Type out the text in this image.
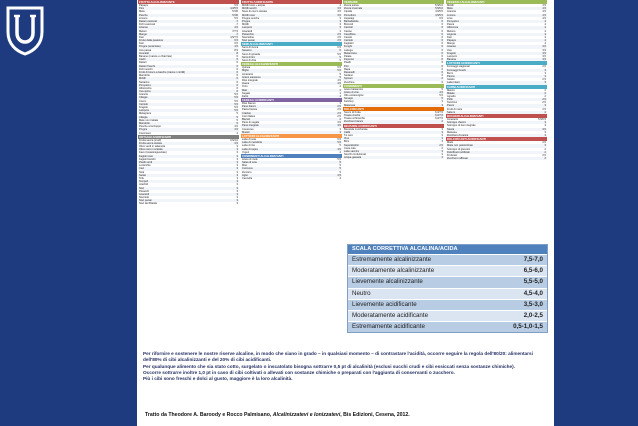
FRUTTA ALCALINIZZANTE
Papaya	5,5
Pera	4,0/5,5
Mela	5,5/6
Pesche	5,5/6
Limone	5,5
Datteri essiccati	-7
Fichi essiccati	-7
Ananas	4,5
Meloni	7/7,5
Mango	-7
Kiwi	4,5/7,5
Frutto della passione	6,5
Kiwi	6,5
Prugne (essiccate)	4,5
Uva passa	8,5
Avocado	8
Banane (mature e chiazzate)	6
Cachi	6
Datteri	6
Datteri freschi	6
Fichi secchi	6
Frutti di bosco a bacche (tranne i mirtilli)	6
Mandorle	6
Mirtilli	6
Nettarine	6
Pompelmo	6
Albicocche	6
Uva spina	6
Arancia	5,5
Ciliegie	5,5
Cocco	5,5
Cetriolo	5,5
Fragole	5,5
Lamponi	5,5
Melagrana	5
Ciliegie	5
Mele non trattate	5
Mandorle	5
Pesche al sciroppo	4,5
Prugne	4,5
Cocomero	4
ORTAGGI ACIDIFICANTI
Frutta secca (crudi)	3,5/4,0
Frutta secca tostata	3,5
Olive verdi in salamoia	3
Olive nere in scatola	3
Fave (tostate/sgusciate)	3
Fagioli rossi	3
Fagioli bianchi	3
Piselli verdi	3
Lenticchie	3
Ceci	3
Soia	3
Seitan	3
Tofu	3
Tempeh	3
Arachidi	3
Noci	3
Pistacchi	3
Anacardi	3
Nocciole	3
Noci pecan	3
Noci del Brasile	3
FRUTTA ACIDIFICANTE
Mirtilli rossi + acqua	4
Mirtilli secchi	3,5
Noce di cocco tostata	3,5
Mirtilli rossi	3,5
Prugne secche	3
Prugne	3
Mirtilli	3
Lamponi	3
Anacardi	3
Pistacchio	2,5
Noccioline	2,5
Noci pecan	2,5
SEMI ALCALINIZZANTI
Semi di zucca	6,5
Sesamo	6
Semi di girasole	5,5
Semi di lino	5
Semi di chia	5
CEREALI ALCALINIZZANTI
Quinoa	5,5
Miglio	5,5
Amaranto	5
Grano saraceno	5
Riso integrale	4,5
Avena	4,5
Orzo	4
Mais	4
Segale	4
Farro	4
CEREALI ACIDIFICANTI
Riso bianco	3
Pane bianco	2,5
Pasta bianca	2,5
Cracker	2,5
Corn flakes	2,5
Biscotti	2
Pane di segale	3,5
Pane integrale	3,5
Couscous	3
Muesli	3
LATTICINI ALCALINIZZANTI
Latte di soia	5,5
Latte di mandorle	5,5
Latte di riso	5
Latte di capra	4,5
Yogurt	4
CONDIMENTI ALCALINIZZANTI
Aceto di mele	5,5
Salsa di soia	5
Miso	5
Curcuma	5
Zenzero	5
Aglio	4,5
Cannella	4
VERDURE
Zucca estiva	5,5/6,0
Zucca invernale	5,5/6,0
Cipolla	4,5/5,5
Pomodoro	4,5/5,5
Asparagi	6,5
Barbabietole	6
Broccoli	6
Carciofi	6
Carote	6
Cavolfiore	6
Cavolo	6
Cetriolo	6
Fagiolini	6
Funghi	6
Lattuga	6
Melanzana	6
Patate	6
Peperoni	6
Piselli	6
Porri	6
Rapa	6
Ravanelli	6
Sedano	6
Spinaci	6
Zucchine	6
CONDIMENTI
Aceto balsamico	5
Aceto di vino	4,5
Olio extravergine	5,5
Senape	5
Ketchup	3
Maionese	3
DOLCIFICANTI
Succo di frutta	6,0/7,5
Tisane di erbe	6,0/7,5
Tisane al finocchio	6,0/7,5
Zucchero bianco	2
BEVANDE ACIDIFICANTI
Bevande zuccherate	3
Caffè	3
Tè nero	3
Vino	3
Birra	3
Superalcolici	2,5
Coca cola	2
Latte vaccino	3
Succhi confezionati	3
Acqua gassata	4
VEGETALI ALCALINIZZANTI
Mirtilli	4,5
Mela	4,5
Arancia	4,5
Limone	4,5
Lime	4,5
Pompelmo	4
Pesca	4
Albicocca	4
Melone	4
Anguria	4
Kiwi	4
Papaya	4
Mango	4
Ananas	3,5
Uva	3,5
Fragole	3,5
Lamponi	3,5
Banana	3,5
LATTICINI ACIDIFICANTI
Formaggi stagionati	2,5
Formaggi freschi	3
Burro	3
Panna	3
Gelato	2,5
Latte intero	3
CARNI ACIDIFICANTI
Manzo	2
Maiale	2
Agnello	2
Pollo	2,5
Tacchino	2,5
Pesce	3
Frutti di mare	2,5
Salumi	2
BUCHERI ALCALINIZZANTI
Amaranto	5,5/6,5
Sciroppo d'acero	3
Sciroppo di riso integrale	3
Stevia	3,5
Melassa	3
Zucchero di canna	3
DOLCIFICANTI ACIDIFICANTI
Miele	2,5
Miele non pastorizzato	3
Sciroppo di glucosio	2
Dolcificanti artificiali	2
Fruttosio	2,5
Zucchero raffinato	2
SCALA CORRETTIVA ALCALINA/ACIDA
Estremamente alcalinizzante	7,5-7,0
Moderatamente alcalinizzante	6,5-6,0
Lievemente alcalinizzante	5,5-5,0
Neutro	4,5-4,0
Lievemente acidificante	3,5-3,0
Moderatamente acidificante	2,0-2,5
Estremamente acidificante	0,5-1,0-1,5

Per rifornire e sostenere le nostre riserve alcaline, in modo che siano in grado – in qualsiasi momento – di contrastare l'acidità, occorre seguire la regola dell'80/20: alimentarsi dell'80% di cibi alcalinizzanti e del 20% di cibi acidificanti.

Per qualunque alimento che sia stato cotto, surgelato o inscatolato bisogna sottrarre 0,5 pt di alcalinità (esclusi succhi crudi e cibi essiccati senza sostanze chimiche).

Occorre sottrarre inoltre 1,0 pt in caso di cibi coltivati o allevati con sostanze chimiche o preparati con l'aggiunta di conservanti o zucchero.

Più i cibi sono freschi e dolci al gusto, maggiore è la loro alcalinità.

Tratto da Theodore A. Baroody e Rocco Palmisano, Alcalinizzatevi e Ionizzatevi, Bis Edizioni, Cesena, 2012.
